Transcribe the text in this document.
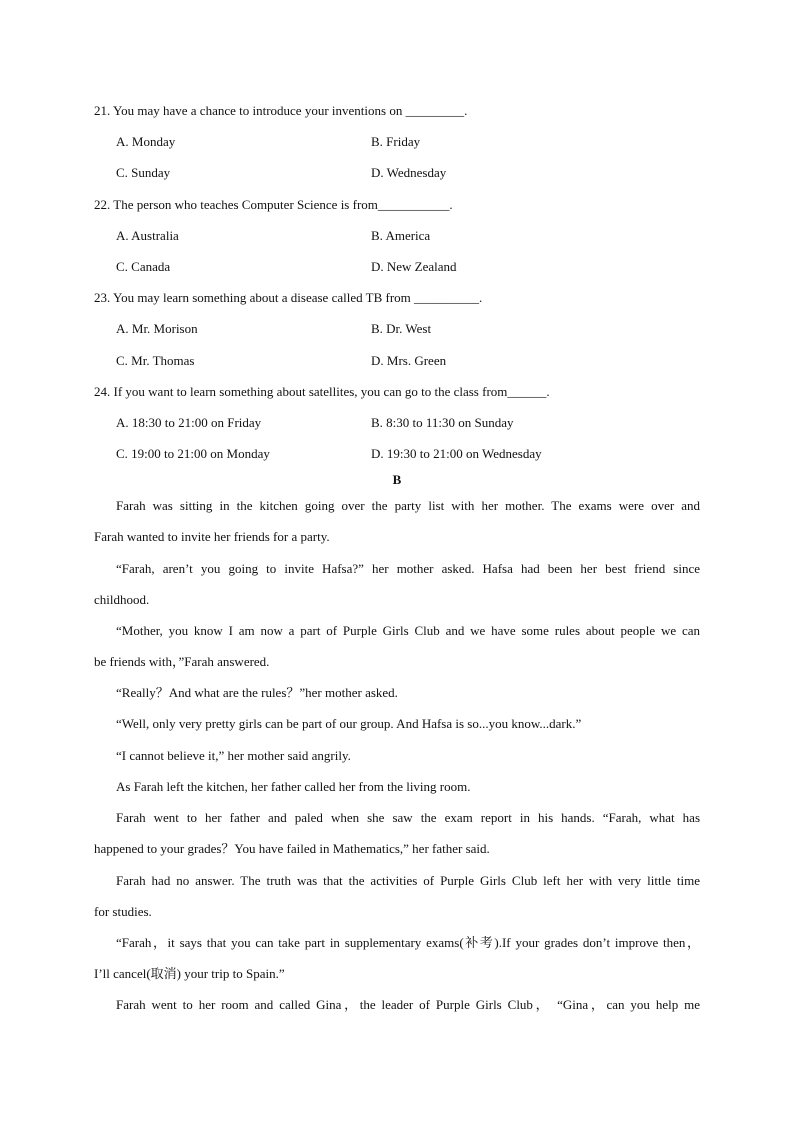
21. You may have a chance to introduce your inventions on _________.
A. Monday	B. Friday
C. Sunday	D. Wednesday
22. The person who teaches Computer Science is from___________.
A. Australia	B. America
C. Canada	D. New Zealand
23. You may learn something about a disease called TB from __________.
A. Mr. Morison	B. Dr. West
C. Mr. Thomas	D. Mrs. Green
24. If you want to learn something about satellites, you can go to the class from______.
A. 18:30 to 21:00 on Friday	B. 8:30 to 11:30 on Sunday
C. 19:00 to 21:00 on Monday	D. 19:30 to 21:00 on Wednesday
B
Farah was sitting in the kitchen going over the party list with her mother. The exams were over and
Farah wanted to invite her friends for a party.
“Farah, aren’t you going to invite Hafsa?” her mother asked. Hafsa had been her best friend since
childhood.
“Mother, you know I am now a part of Purple Girls Club and we have some rules about people we can
be friends with，”Farah answered.
“Really？And what are the rules？”her mother asked.
“Well, only very pretty girls can be part of our group. And Hafsa is so...you know...dark.”
“I cannot believe it,” her mother said angrily.
As Farah left the kitchen, her father called her from the living room.
Farah went to her father and paled when she saw the exam report in his hands. “Farah, what has
happened to your grades？You have failed in Mathematics,” her father said.
Farah had no answer. The truth was that the activities of Purple Girls Club left her with very little time
for studies.
“Farah，it says that you can take part in supplementary exams(补考).If your grades don’t improve then，
I’ll cancel(取消) your trip to Spain.”
Farah went to her room and called Gina，the leader of Purple Girls Club， “Gina，can you help me
